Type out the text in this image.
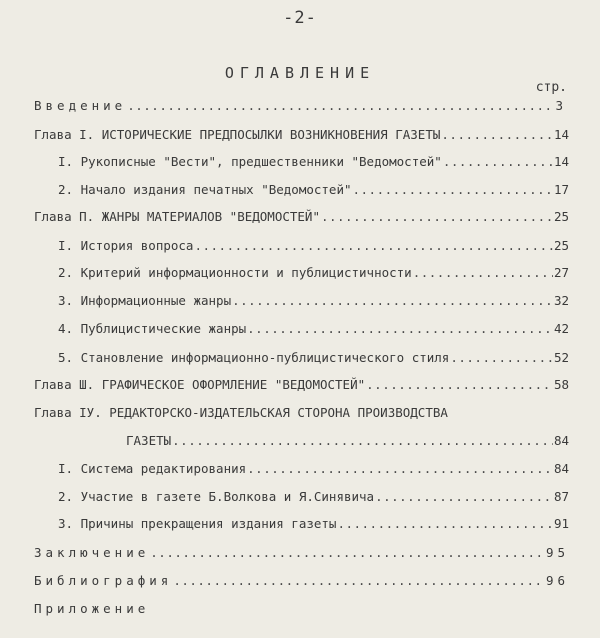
-2-
ОГЛАВЛЕНИЕ
стр.
Введение .....	3
Глава I. ИСТОРИЧЕСКИЕ ПРЕДПОСЫЛКИ ВОЗНИКНОВЕНИЯ ГАЗЕТЫ .....	14
I. Рукописные "Вести", предшественники "Ведомостей" .....	14
2. Начало издания печатных "Ведомостей" .....	17
Глава П. ЖАНРЫ МАТЕРИАЛОВ "ВЕДОМОСТЕЙ" .....	25
I. История вопроса .....	25
2. Критерий информационности и публицистичности .....	27
3. Информационные жанры .....	32
4. Публицистические жанры .....	42
5. Становление информационно-публицистического стиля .....	52
Глава Ш. ГРАФИЧЕСКОЕ ОФОРМЛЕНИЕ "ВЕДОМОСТЕЙ" .....	58
Глава IУ. РЕДАКТОРСКО-ИЗДАТЕЛЬСКАЯ СТОРОНА ПРОИЗВОДСТВА
ГАЗЕТЫ .....	84
I. Система редактирования .....	84
2. Участие в газете Б.Волкова и Я.Синявича .....	87
3. Причины прекращения издания газеты .....	91
Заключение .....	95
Библиография .....	96
Приложение
